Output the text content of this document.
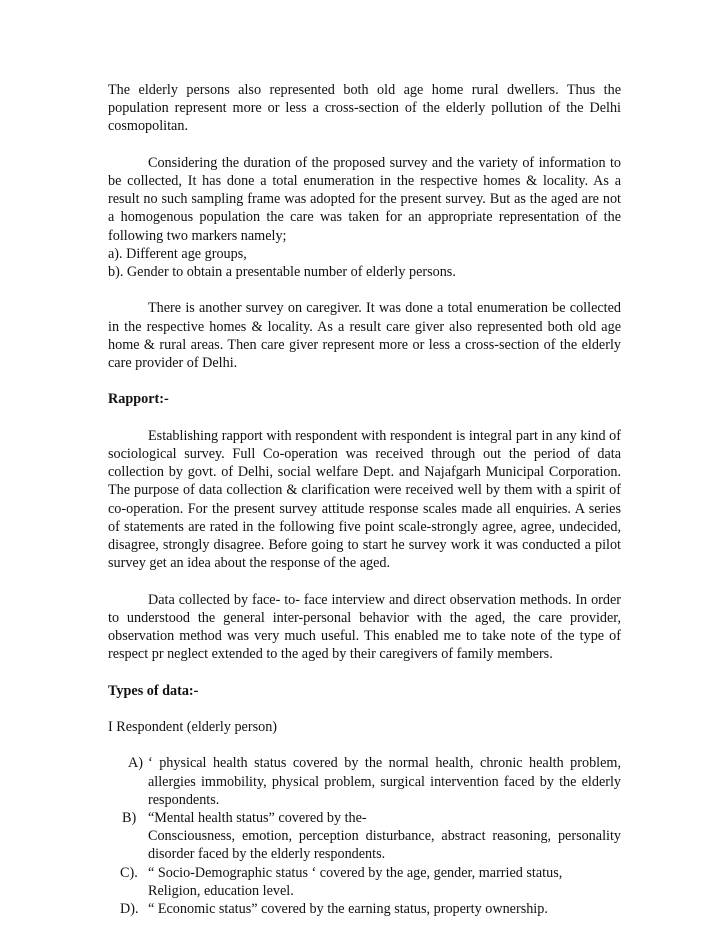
The elderly persons also represented both old age home rural dwellers. Thus the population represent more or less a cross-section of the elderly pollution of the Delhi cosmopolitan.

Considering the duration of the proposed survey and the variety of information to be collected, It has done a total enumeration in the respective homes & locality. As a result no such sampling frame was adopted for the present survey. But as the aged are not a homogenous population the care was taken for an appropriate representation of the following two markers namely;

a). Different age groups,

b). Gender to obtain a presentable number of elderly persons.

There is another survey on caregiver. It was done a total enumeration be collected in the respective homes & locality. As a result care giver also represented both old age home & rural areas. Then care giver represent more or less a cross-section of the elderly care provider of Delhi.

Rapport:-

Establishing rapport with respondent with respondent is integral part in any kind of sociological survey. Full Co-operation was received through out the period of data collection by govt. of Delhi, social welfare Dept. and Najafgarh Municipal Corporation. The purpose of data collection & clarification were received well by them with a spirit of co-operation. For the present survey attitude response scales made all enquiries. A series of statements are rated in the following five point scale-strongly agree, agree, undecided, disagree, strongly disagree. Before going to start he survey work it was conducted a pilot survey get an idea about the response of the aged.

Data collected by face- to- face interview and direct observation methods. In order to understood the general inter-personal behavior with the aged, the care provider, observation method was very much useful. This enabled me to take note of the type of respect pr neglect extended to the aged by their caregivers of family members.

Types of data:-

I Respondent (elderly person)

A) ‘ physical health status covered by the normal health, chronic health problem, allergies immobility, physical problem, surgical intervention faced by the elderly respondents.
B) “Mental health status” covered by the-
Consciousness, emotion, perception disturbance, abstract reasoning, personality disorder faced by the elderly respondents.
C). “ Socio-Demographic status ‘ covered by the age, gender, married status,
Religion, education level.
D). “ Economic status” covered by the earning status, property ownership.
